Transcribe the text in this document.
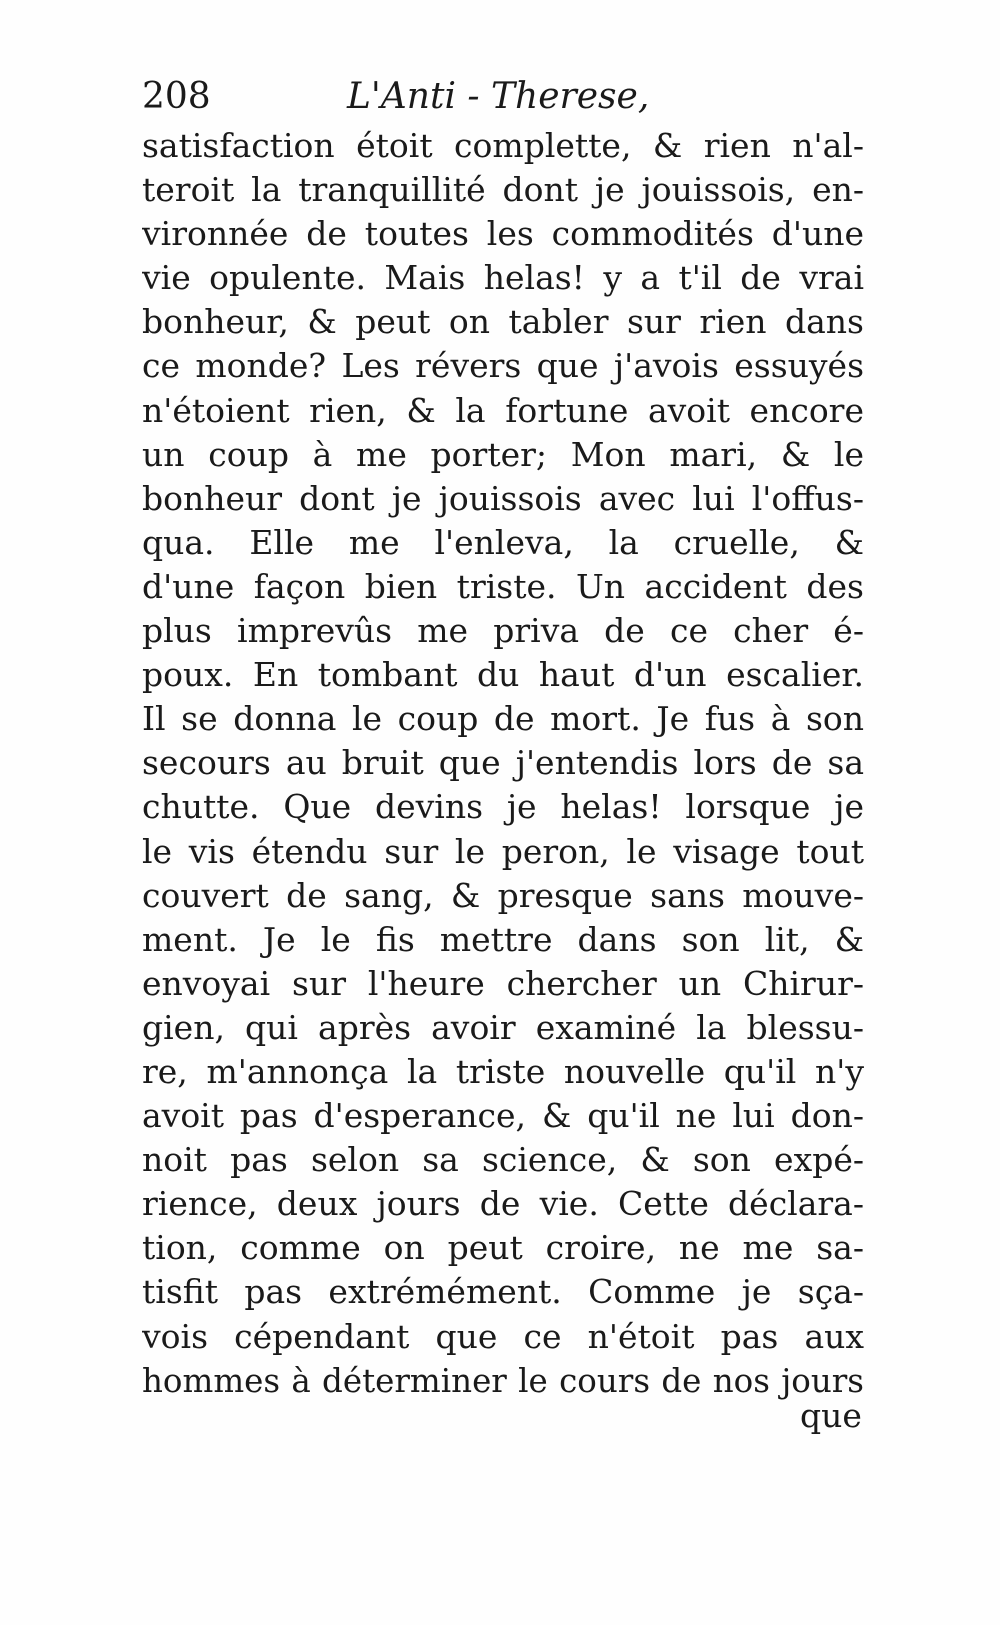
208	L'Anti - Therese,
satisfaction étoit complette, & rien n'al-
teroit la tranquillité dont je jouissois, en-
vironnée de toutes les commodités d'une
vie opulente. Mais helas! y a t'il de vrai
bonheur, & peut on tabler sur rien dans
ce monde? Les révers que j'avois essuyés
n'étoient rien, & la fortune avoit encore
un coup à me porter; Mon mari, & le
bonheur dont je jouissois avec lui l'offus-
qua. Elle me l'enleva, la cruelle, &
d'une façon bien triste. Un accident des
plus imprevûs me priva de ce cher é-
poux. En tombant du haut d'un escalier.
Il se donna le coup de mort. Je fus à son
secours au bruit que j'entendis lors de sa
chutte. Que devins je helas! lorsque je
le vis étendu sur le peron, le visage tout
couvert de sang, & presque sans mouve-
ment. Je le fis mettre dans son lit, &
envoyai sur l'heure chercher un Chirur-
gien, qui après avoir examiné la blessu-
re, m'annonça la triste nouvelle qu'il n'y
avoit pas d'esperance, & qu'il ne lui don-
noit pas selon sa science, & son expé-
rience, deux jours de vie. Cette déclara-
tion, comme on peut croire, ne me sa-
tisfit pas extrémément. Comme je sça-
vois cépendant que ce n'étoit pas aux
hommes à déterminer le cours de nos jours
que
